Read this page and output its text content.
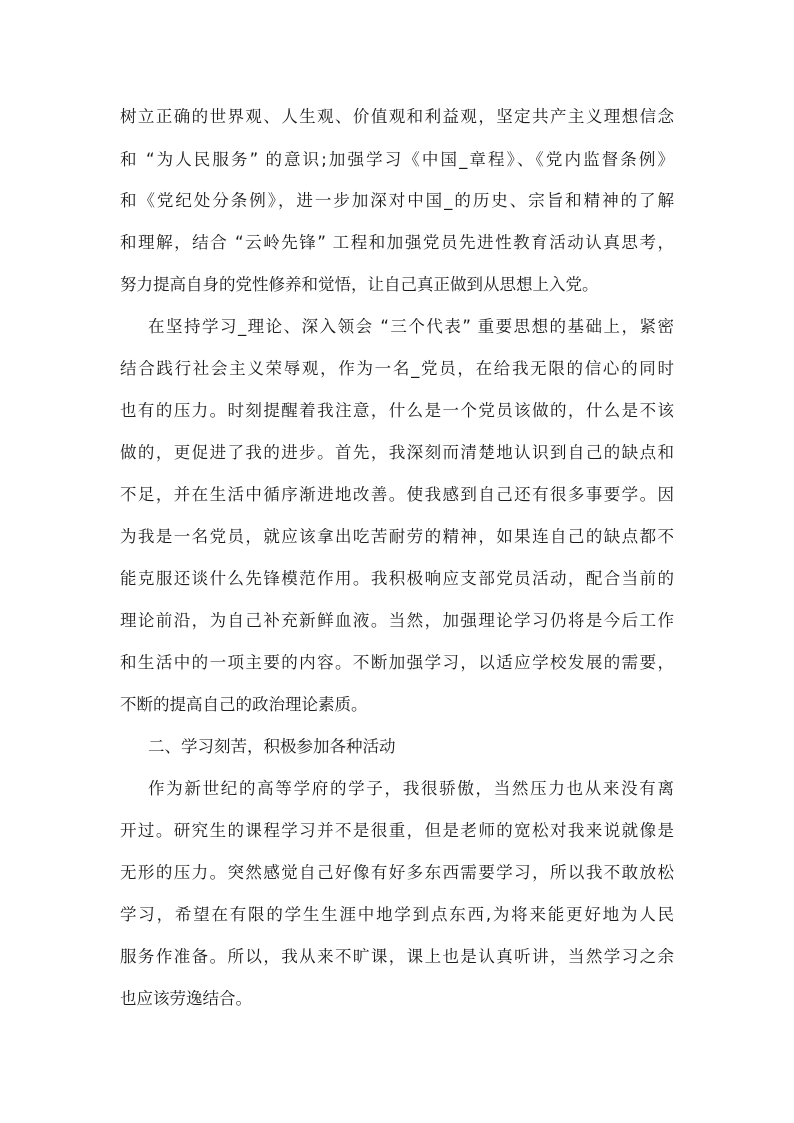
树立正确的世界观、人生观、价值观和利益观，坚定共产主义理想信念
和 “为人民服务” 的意识;加强学习《中国_章程》、《党内监督条例》
和《党纪处分条例》，进一步加深对中国_的历史、宗旨和精神的了解
和理解，结合 “云岭先锋” 工程和加强党员先进性教育活动认真思考，
努力提高自身的党性修养和觉悟，让自己真正做到从思想上入党。
在坚持学习_理论、深入领会 “三个代表” 重要思想的基础上，紧密
结合践行社会主义荣辱观，作为一名_党员，在给我无限的信心的同时
也有的压力。时刻提醒着我注意，什么是一个党员该做的，什么是不该
做的，更促进了我的进步。首先，我深刻而清楚地认识到自己的缺点和
不足，并在生活中循序渐进地改善。使我感到自己还有很多事要学。因
为我是一名党员，就应该拿出吃苦耐劳的精神，如果连自己的缺点都不
能克服还谈什么先锋模范作用。我积极响应支部党员活动，配合当前的
理论前沿，为自己补充新鲜血液。当然，加强理论学习仍将是今后工作
和生活中的一项主要的内容。不断加强学习，以适应学校发展的需要，
不断的提高自己的政治理论素质。
二、学习刻苦，积极参加各种活动
作为新世纪的高等学府的学子，我很骄傲，当然压力也从来没有离
开过。研究生的课程学习并不是很重，但是老师的宽松对我来说就像是
无形的压力。突然感觉自己好像有好多东西需要学习，所以我不敢放松
学习，希望在有限的学生生涯中地学到点东西,为将来能更好地为人民
服务作准备。所以，我从来不旷课，课上也是认真听讲，当然学习之余
也应该劳逸结合。
